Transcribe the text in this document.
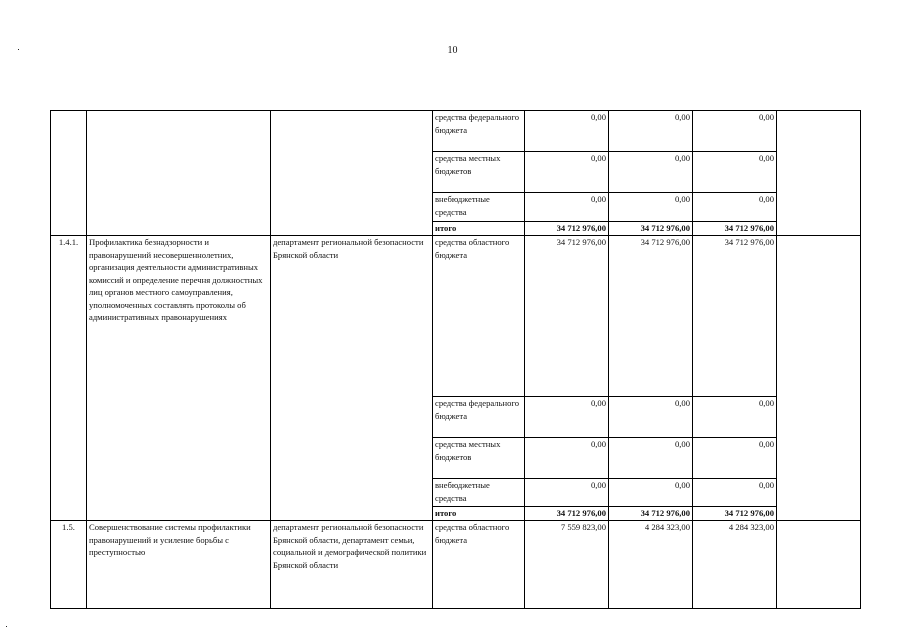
10
			средства федерального бюджета	0,00	0,00	0,00	
			средства местных бюджетов	0,00	0,00	0,00	
			внебюджетные средства	0,00	0,00	0,00	
			итого	34 712 976,00	34 712 976,00	34 712 976,00	
1.4.1.	Профилактика безнадзорности и правонарушений несовершеннолетних, организация деятельности административных комиссий и определение перечня должностных лиц органов местного самоуправления, уполномоченных составлять протоколы об административных правонарушениях	департамент региональной безопасности Брянской области	средства областного бюджета	34 712 976,00	34 712 976,00	34 712 976,00	
			средства федерального бюджета	0,00	0,00	0,00	
			средства местных бюджетов	0,00	0,00	0,00	
			внебюджетные средства	0,00	0,00	0,00	
			итого	34 712 976,00	34 712 976,00	34 712 976,00	
1.5.	Совершенствование системы профилактики правонарушений и усиление борьбы с преступностью	департамент региональной безопасности Брянской области, департамент семьи, социальной и демографической политики Брянской области	средства областного бюджета	7 559 823,00	4 284 323,00	4 284 323,00	
